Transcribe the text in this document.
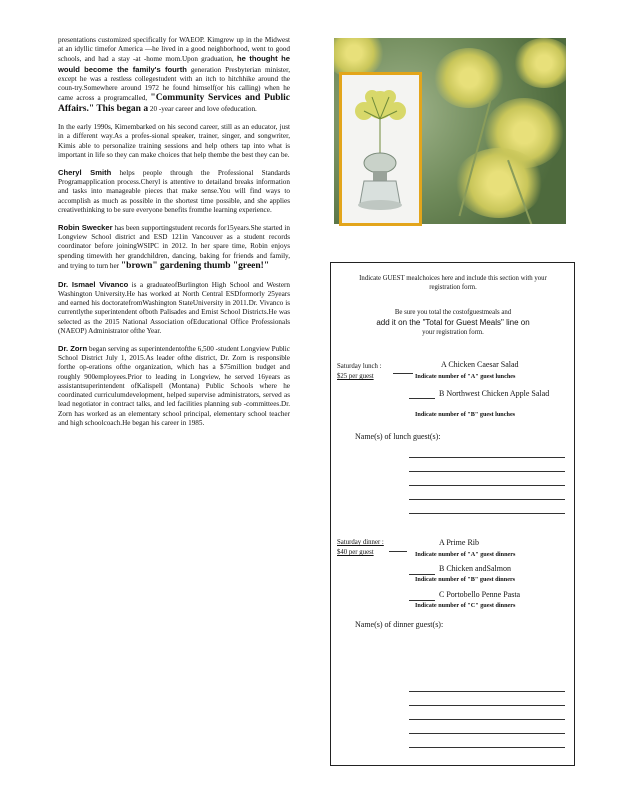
presentations customized specifically for WAEOP. Kimgrew up in the Midwest at an idyllic timefor America —he lived in a good neighborhood, went to good schools, and had a stay -at -home mom.Upon graduation, he thought he would become the family's fourth generation Presbyterian minister, except he was a restless collegestudent with an itch to hitchhike around the coun-try.Somewhere around 1972 he found himself(or his calling) when he came across a programcalled, "Community Services and Public Affairs." This began a 20 -year career and love ofeducation.

In the early 1990s, Kimembarked on his second career, still as an educator, just in a different way.As a profes-sional speaker, trainer, singer, and songwriter, Kimis able to personalize training sessions and help others tap into what is important in life so they can make choices that help thembe the best they can be.

Cheryl Smith helps people through the Professional Standards Programapplication process.Cheryl is attentive to detailand breaks information and tasks into manageable pieces that make sense.You will find ways to accomplish as much as possible in the shortest time possible, and she applies creativethinking to be sure everyone benefits fromthe learning experience.

Robin Swecker has been supportingstudent records for15years.She started in Longview School district and ESD 121in Vancouver as a student records coordinator before joiningWSIPC in 2012. In her spare time, Robin enjoys spending timewith her grandchildren, dancing, baking for friends and family, and trying to turn her "brown" gardening thumb "green!"

Dr. Ismael Vivanco is a graduateofBurlington High School and Western Washington University.He has worked at North Central ESDformorly 25years and earned his doctoratefromWashington StateUniversity in 2011.Dr. Vivanco is currentlythe superintendent ofboth Palisades and Ernist School Districts.He was selected as the 2015 National Association ofEducational Office Professionals (NAEOP) Administrator ofthe Year.

Dr. Zorn began serving as superintendentofthe 6,500 -student Longview Public School District July 1, 2015.As leader ofthe district, Dr. Zorn is responsible forthe op-erations ofthe organization, which has a $75million budget and roughly 900employees.Prior to leading in Longview, he served 16years as assistantsuperintendent ofKalispell (Montana) Public Schools where he coordinated curriculumdevelopment, helped supervise administrators, served as lead negotiator in contract talks, and led facilities planning sub -committees.Dr. Zorn has worked as an elementary school principal, elementary school teacher and high schoolcoach.He began his career in 1985.

Indicate GUEST mealchoices here and include this section with your registration form.
Be sure you total the costofguestmeals and
add it on the "Total for Guest Meals" line on
your registration form.
Saturday lunch :
$25 per guest
A Chicken Caesar Salad
Indicate number of "A" guest lunches
B Northwest Chicken Apple Salad
Indicate number of "B" guest lunches
Name(s) of lunch guest(s):
Saturday dinner :
$40 per guest
A Prime Rib
Indicate number of "A" guest dinners
B Chicken andSalmon
Indicate number of "B" guest dinners
C Portobello Penne Pasta
Indicate number of "C" guest dinners
Name(s) of dinner guest(s):
